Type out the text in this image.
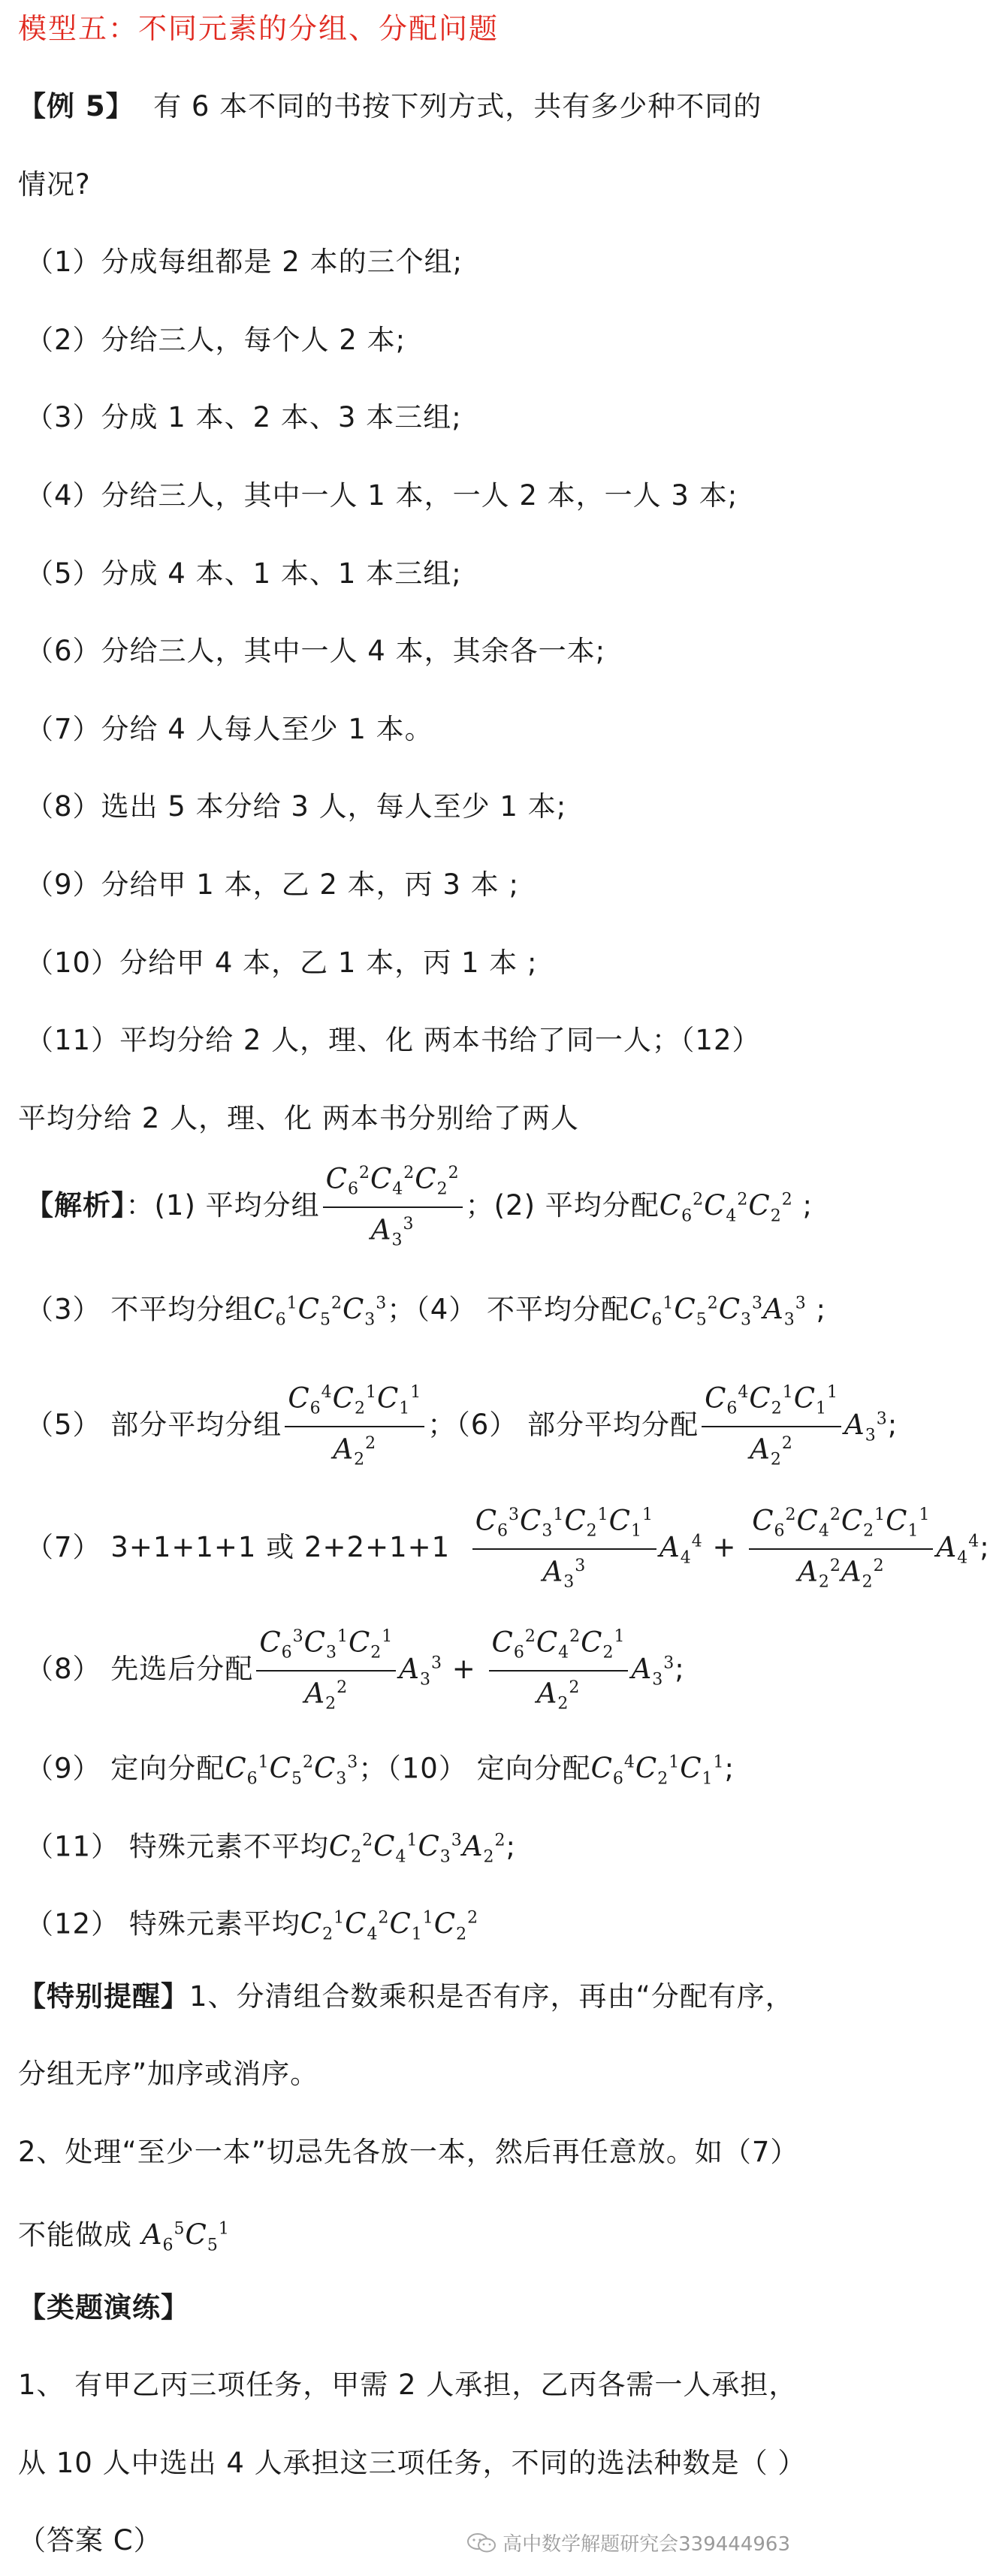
模型五：不同元素的分组、分配问题
【例 5】 有 6 本不同的书按下列方式，共有多少种不同的
情况?
（1）分成每组都是 2 本的三个组;
（2）分给三人，每个人 2 本;
（3）分成 1 本、2 本、3 本三组;
（4）分给三人，其中一人 1 本，一人 2 本，一人 3 本;
（5）分成 4 本、1 本、1 本三组;
（6）分给三人，其中一人 4 本，其余各一本;
（7）分给 4 人每人至少 1 本。
（8）选出 5 本分给 3 人，每人至少 1 本;
（9）分给甲 1 本，乙 2 本，丙 3 本 ;
（10）分给甲 4 本，乙 1 本，丙 1 本 ;
（11）平均分给 2 人，理、化 两本书给了同一人；（12）
平均分给 2 人，理、化 两本书分别给了两人
【解析】：(1) 平均分组 $\frac{C_6^2C_4^2C_2^2}{A_3^3}$ ；(2) 平均分配$C_6^2C_4^2C_2^2$ ;
（3） 不平均分组$C_6^1C_5^2C_3^3$；（4） 不平均分配$C_6^1C_5^2C_3^3A_3^3$ ;
（5） 部分平均分组 $\frac{C_6^4C_2^1C_1^1}{A_2^2}$ ；（6） 部分平均分配 $\frac{C_6^4C_2^1C_1^1}{A_2^2} A_3^3$;
（7） 3+1+1+1 或 $2+2+1+1 \frac{C_6^3C_3^1C_2^1C_1^1}{A_3^3} A_4^4 + \frac{C_6^2C_4^2C_2^1C_1^1}{A_2^2A_2^2} A_4^4$;
（8） 先选后分配 $\frac{C_6^3C_3^1C_2^1}{A_2^2} A_3^3 + \frac{C_6^2C_4^2C_2^1}{A_2^2} A_3^3$;
（9） 定向分配$C_6^1C_5^2C_3^3$；（10） 定向分配$C_6^4C_2^1C_1^1$;
（11） 特殊元素不平均$C_2^2C_4^1C_3^3A_2^2$;
（12） 特殊元素平均$C_2^1C_4^2C_1^1C_2^2$
【特别提醒】1、分清组合数乘积是否有序，再由“分配有序，
分组无序”加序或消序。
2、处理“至少一本”切忌先各放一本，然后再任意放。如（7）
不能做成 $A_6^5C_5^1$
【类题演练】
1、 有甲乙丙三项任务，甲需 2 人承担，乙丙各需一人承担，
从 10 人中选出 4 人承担这三项任务，不同的选法种数是（ ）
（答案 C）	高中数学解题研究会339444963
